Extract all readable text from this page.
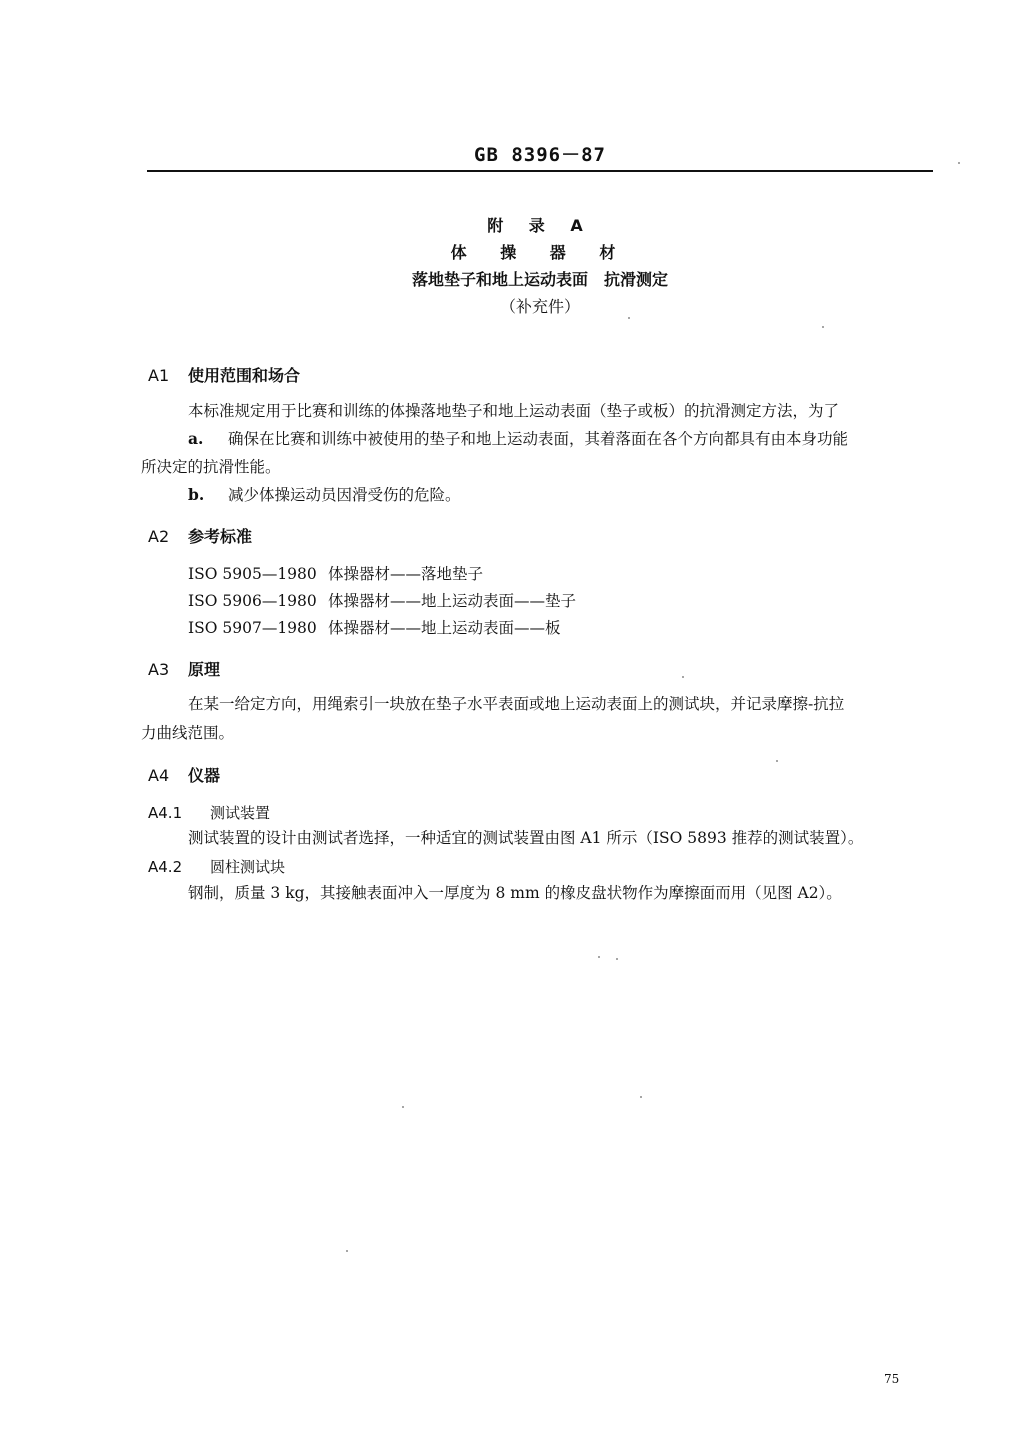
GB 8396－87
附 录 A
体 操 器 材
落地垫子和地上运动表面　抗滑测定
（补充件）
A1 使用范围和场合
本标准规定用于比赛和训练的体操落地垫子和地上运动表面（垫子或板）的抗滑测定方法，为了
a. 确保在比赛和训练中被使用的垫子和地上运动表面，其着落面在各个方向都具有由本身功能
所决定的抗滑性能。
b. 减少体操运动员因滑受伤的危险。
A2 参考标准
ISO 5905—1980 体操器材——落地垫子
ISO 5906—1980 体操器材——地上运动表面——垫子
ISO 5907—1980 体操器材——地上运动表面——板
A3 原理
在某一给定方向，用绳索引一块放在垫子水平表面或地上运动表面上的测试块，并记录摩擦-抗拉
力曲线范围。
A4 仪器
A4.1 测试装置
测试装置的设计由测试者选择，一种适宜的测试装置由图 A1 所示（ISO 5893 推荐的测试装置）。
A4.2 圆柱测试块
钢制，质量 3 kg，其接触表面冲入一厚度为 8 mm 的橡皮盘状物作为摩擦面而用（见图 A2）。
75
